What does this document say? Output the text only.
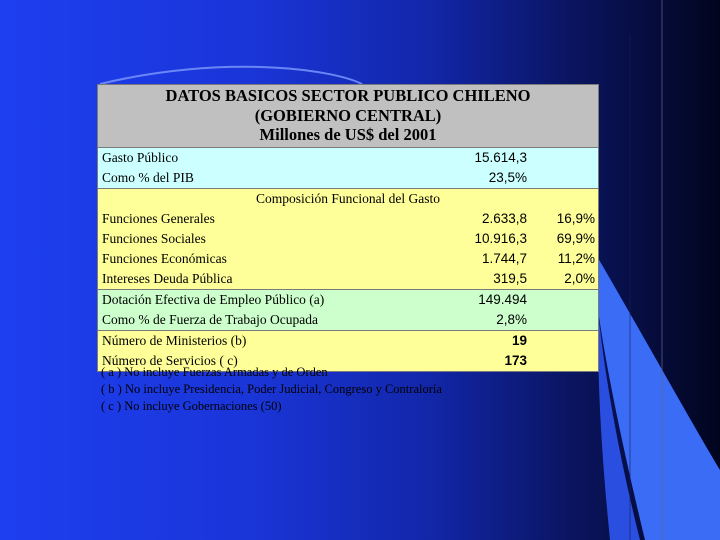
DATOS BASICOS SECTOR PUBLICO CHILENO
(GOBIERNO CENTRAL)
Millones de US$ del 2001
Gasto Público	15.614,3
Como % del PIB	23,5%
Composición Funcional del Gasto
Funciones Generales	2.633,8	16,9%
Funciones Sociales	10.916,3	69,9%
Funciones Económicas	1.744,7	11,2%
Intereses Deuda Pública	319,5	2,0%
Dotación Efectiva de Empleo Público (a)	149.494
Como % de Fuerza de Trabajo Ocupada	2,8%
Número de Ministerios (b)	19
Número de Servicios ( c)	173
( a ) No incluye Fuerzas Armadas y de Orden
( b ) No incluye Presidencia, Poder Judicial, Congreso y Contraloría
( c ) No incluye Gobernaciones (50)
